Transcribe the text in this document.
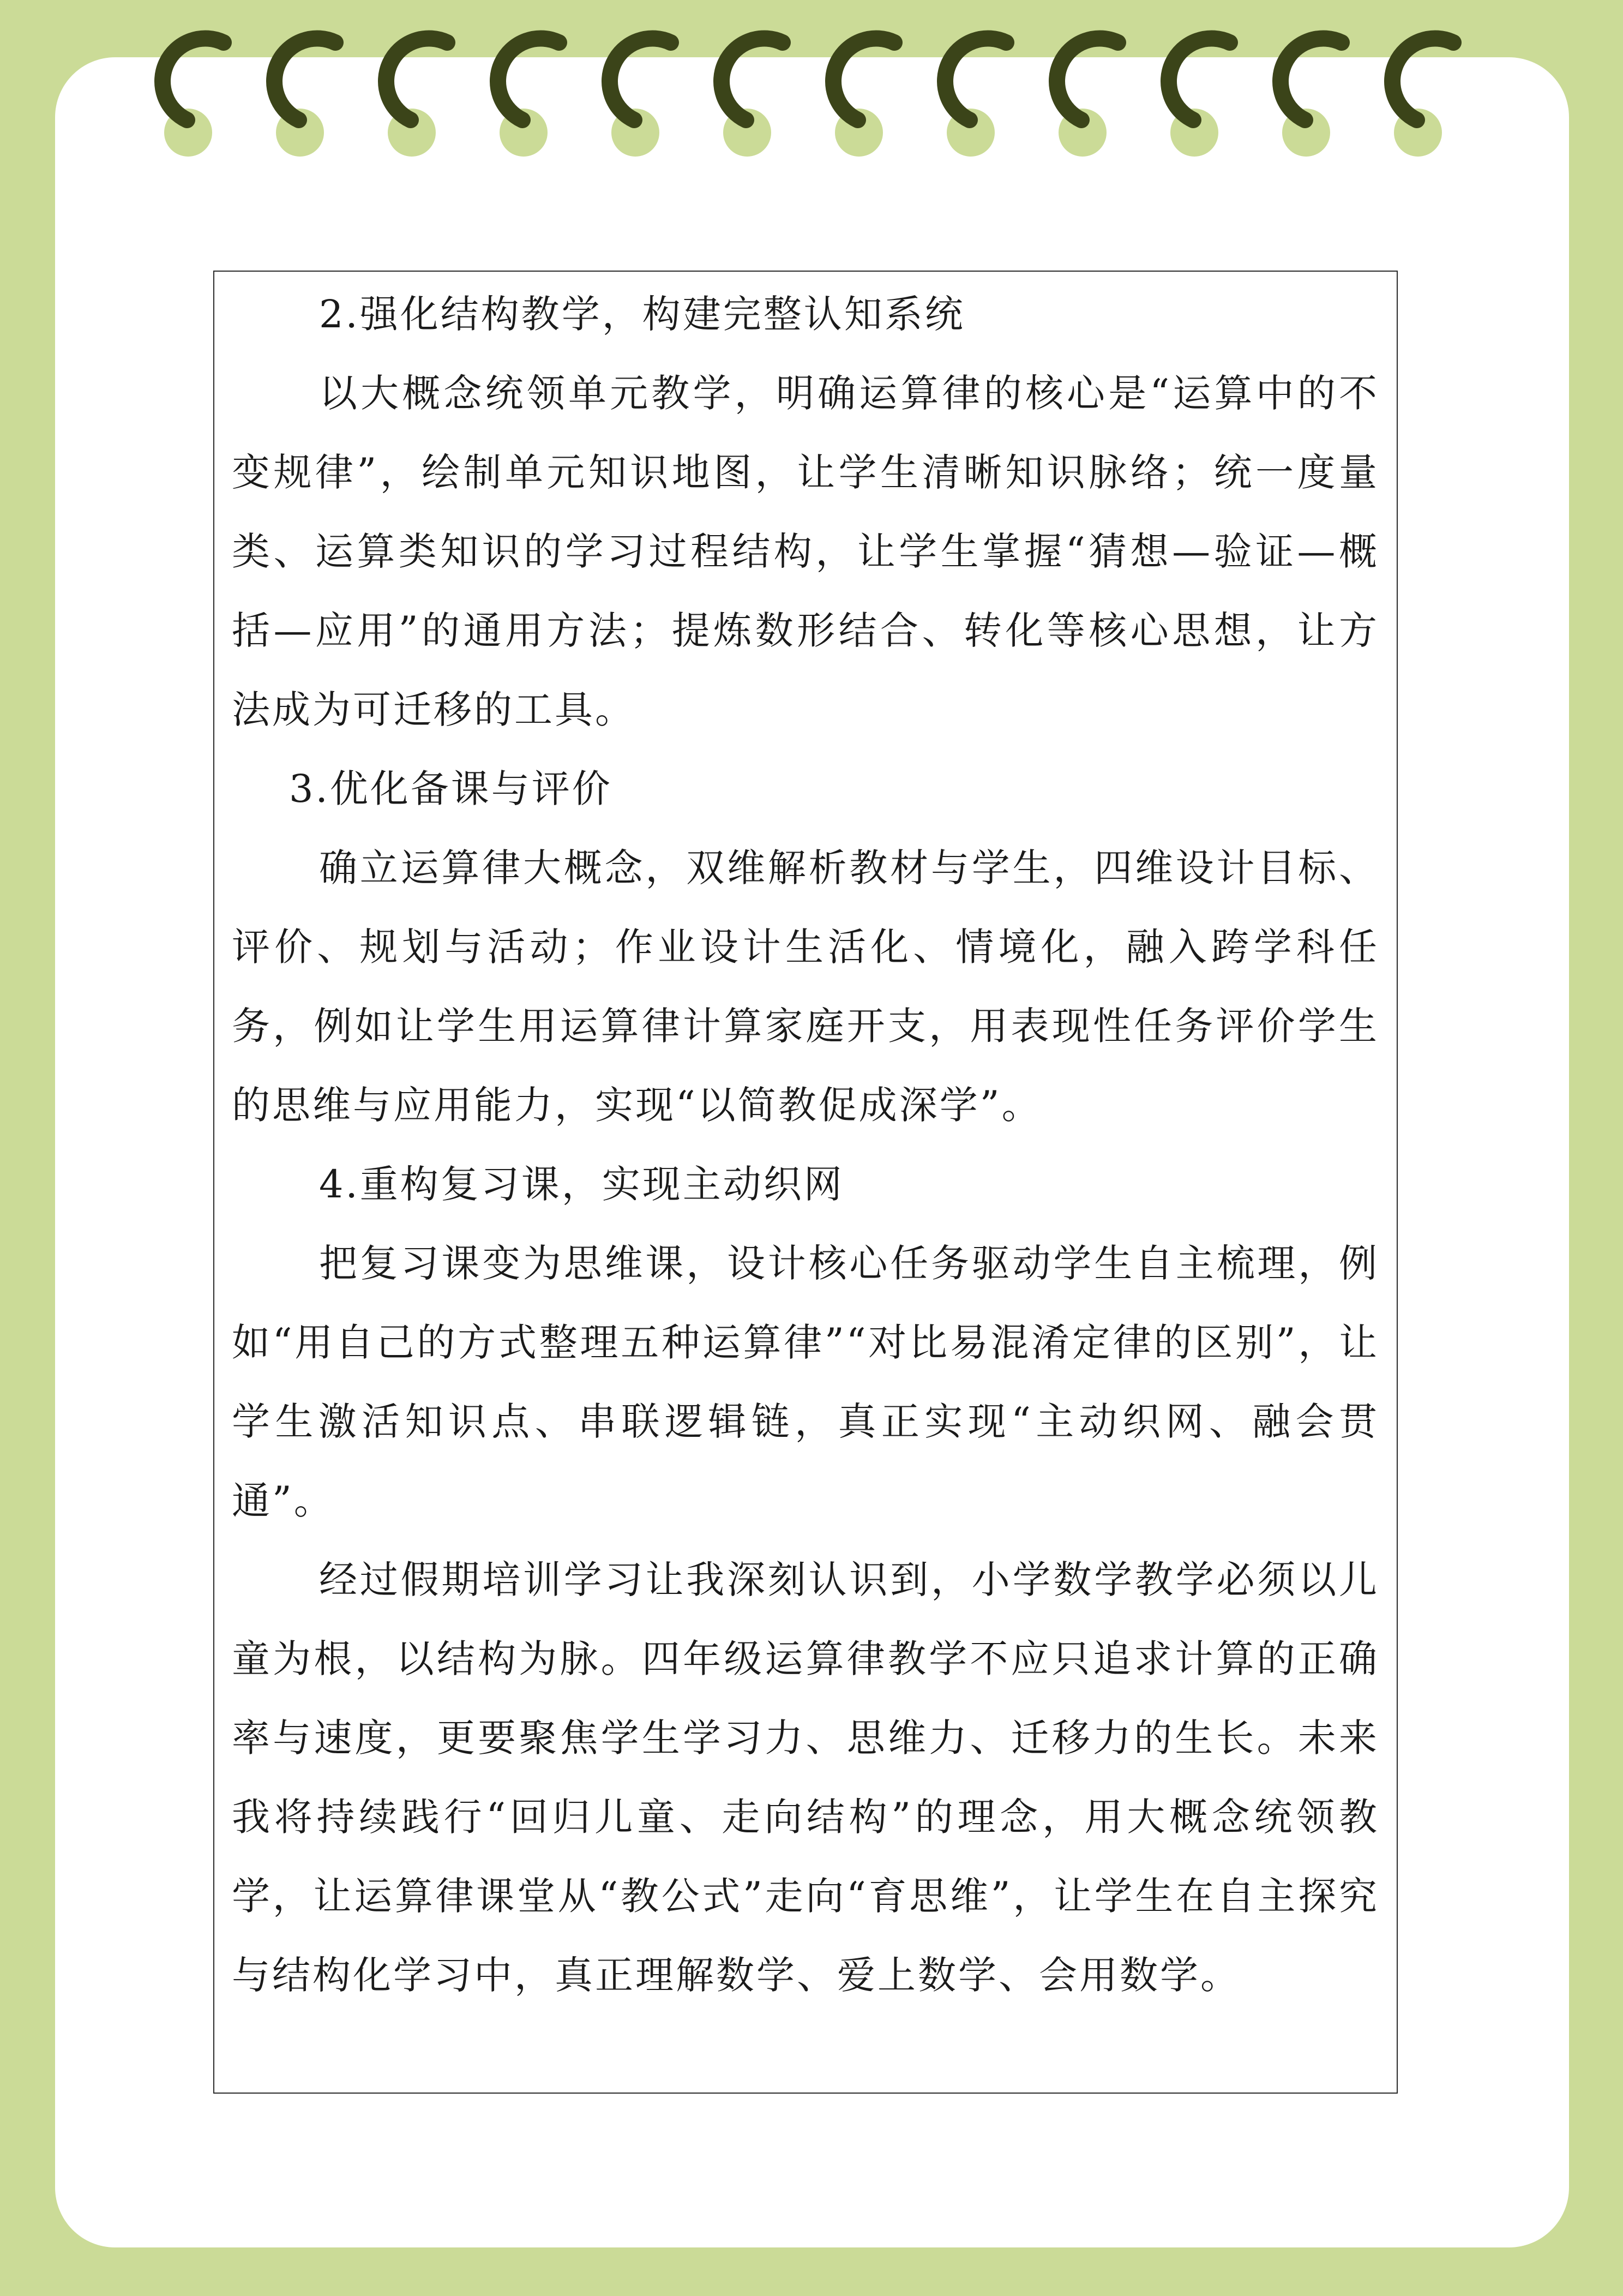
2.强化结构教学，构建完整认知系统

以大概念统领单元教学，明确运算律的核心是“运算中的不变规律”，绘制单元知识地图，让学生清晰知识脉络；统一度量类、运算类知识的学习过程结构，让学生掌握“猜想—验证—概括—应用”的通用方法；提炼数形结合、转化等核心思想，让方法成为可迁移的工具。

3.优化备课与评价

确立运算律大概念，双维解析教材与学生，四维设计目标、评价、规划与活动；作业设计生活化、情境化，融入跨学科任务，例如让学生用运算律计算家庭开支，用表现性任务评价学生的思维与应用能力，实现“以简教促成深学”。

4.重构复习课，实现主动织网

把复习课变为思维课，设计核心任务驱动学生自主梳理，例如“用自己的方式整理五种运算律”“对比易混淆定律的区别”，让学生激活知识点、串联逻辑链，真正实现“主动织网、融会贯通”。

经过假期培训学习让我深刻认识到，小学数学教学必须以儿童为根，以结构为脉。四年级运算律教学不应只追求计算的正确率与速度，更要聚焦学生学习力、思维力、迁移力的生长。未来我将持续践行“回归儿童、走向结构”的理念，用大概念统领教学，让运算律课堂从“教公式”走向“育思维”，让学生在自主探究与结构化学习中，真正理解数学、爱上数学、会用数学。
